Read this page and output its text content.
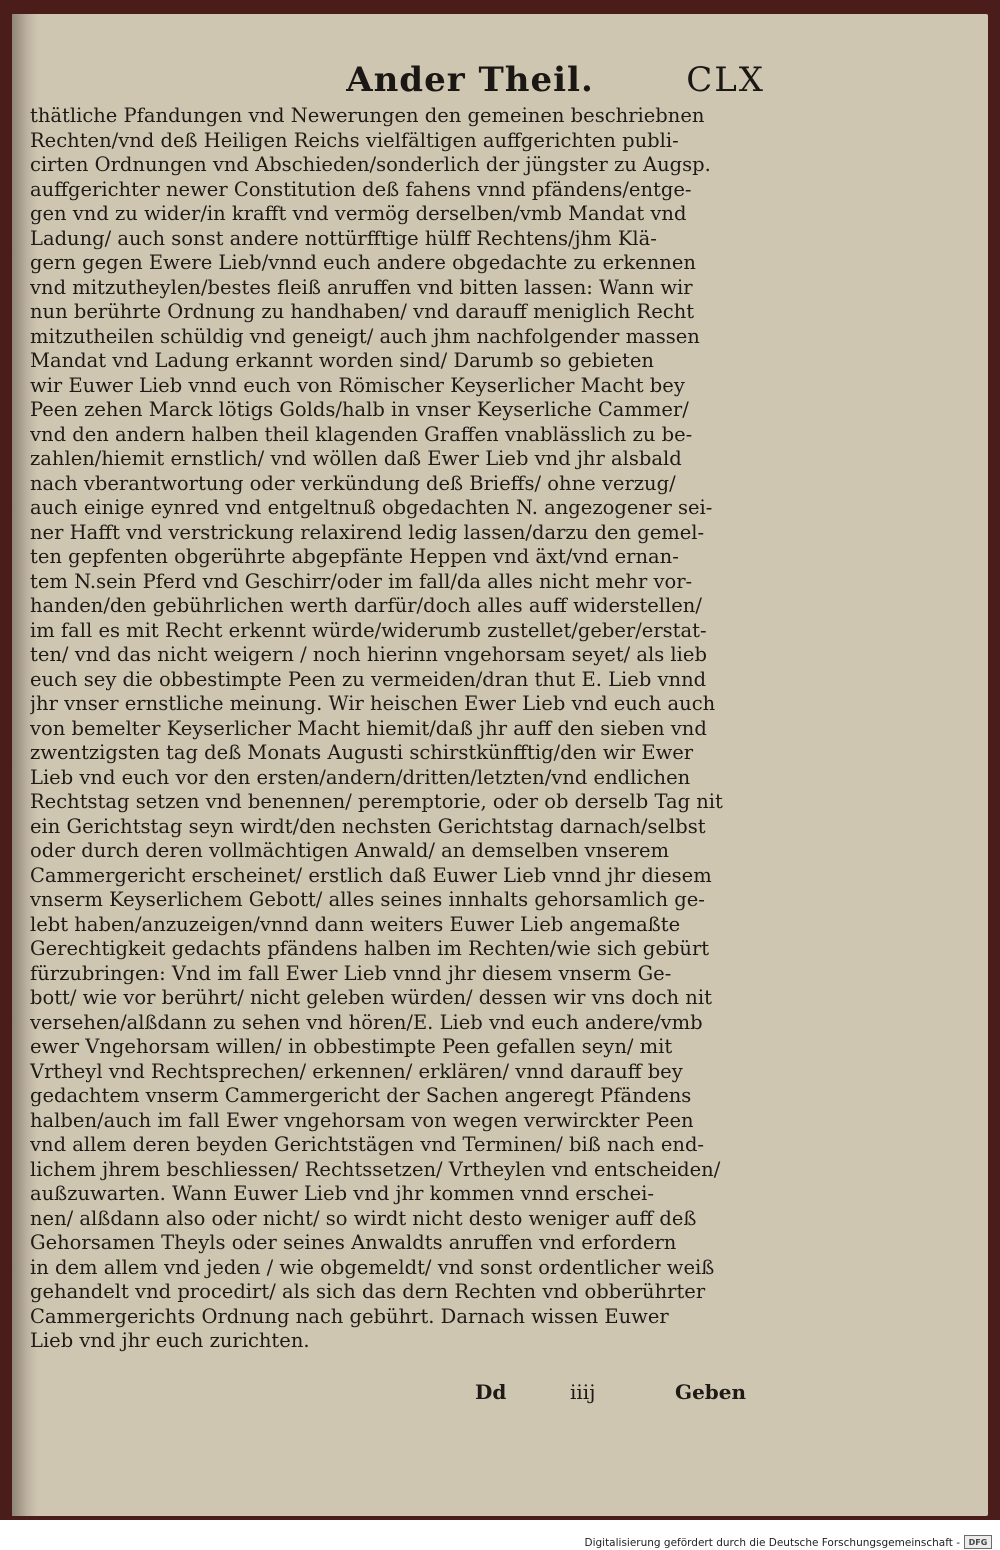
Ander Theil.	CLX
thätliche Pfandungen vnd Newerungen den gemeinen beschriebnen
Rechten/vnd deß Heiligen Reichs vielfältigen auffgerichten publi-
cirten Ordnungen vnd Abschieden/sonderlich der jüngster zu Augsp.
auffgerichter newer Constitution deß fahens vnnd pfändens/entge-
gen vnd zu wider/in krafft vnd vermög derselben/vmb Mandat vnd
Ladung/ auch sonst andere nottürfftige hülff Rechtens/jhm Klä-
gern gegen Ewere Lieb/vnnd euch andere obgedachte zu erkennen
vnd mitzutheylen/bestes fleiß anruffen vnd bitten lassen: Wann wir
nun berührte Ordnung zu handhaben/ vnd darauff meniglich Recht
mitzutheilen schüldig vnd geneigt/ auch jhm nachfolgender massen
Mandat vnd Ladung erkannt worden sind/ Darumb so gebieten
wir Euwer Lieb vnnd euch von Römischer Keyserlicher Macht bey
Peen zehen Marck lötigs Golds/halb in vnser Keyserliche Cammer/
vnd den andern halben theil klagenden Graffen vnablässlich zu be-
zahlen/hiemit ernstlich/ vnd wöllen daß Ewer Lieb vnd jhr alsbald
nach vberantwortung oder verkündung deß Brieffs/ ohne verzug/
auch einige eynred vnd entgeltnuß obgedachten N. angezogener sei-
ner Hafft vnd verstrickung relaxirend ledig lassen/darzu den gemel-
ten gepfenten obgerührte abgepfänte Heppen vnd äxt/vnd ernan-
tem N.sein Pferd vnd Geschirr/oder im fall/da alles nicht mehr vor-
handen/den gebührlichen werth darfür/doch alles auff widerstellen/
im fall es mit Recht erkennt würde/widerumb zustellet/geber/erstat-
ten/ vnd das nicht weigern / noch hierinn vngehorsam seyet/ als lieb
euch sey die obbestimpte Peen zu vermeiden/dran thut E. Lieb vnnd
jhr vnser ernstliche meinung. Wir heischen Ewer Lieb vnd euch auch
von bemelter Keyserlicher Macht hiemit/daß jhr auff den sieben vnd
zwentzigsten tag deß Monats Augusti schirstkünfftig/den wir Ewer
Lieb vnd euch vor den ersten/andern/dritten/letzten/vnd endlichen
Rechtstag setzen vnd benennen/ peremptorie, oder ob derselb Tag nit
ein Gerichtstag seyn wirdt/den nechsten Gerichtstag darnach/selbst
oder durch deren vollmächtigen Anwald/ an demselben vnserem
Cammergericht erscheinet/ erstlich daß Euwer Lieb vnnd jhr diesem
vnserm Keyserlichem Gebott/ alles seines innhalts gehorsamlich ge-
lebt haben/anzuzeigen/vnnd dann weiters Euwer Lieb angemaßte
Gerechtigkeit gedachts pfändens halben im Rechten/wie sich gebürt
fürzubringen: Vnd im fall Ewer Lieb vnnd jhr diesem vnserm Ge-
bott/ wie vor berührt/ nicht geleben würden/ dessen wir vns doch nit
versehen/alßdann zu sehen vnd hören/E. Lieb vnd euch andere/vmb
ewer Vngehorsam willen/ in obbestimpte Peen gefallen seyn/ mit
Vrtheyl vnd Rechtsprechen/ erkennen/ erklären/ vnnd darauff bey
gedachtem vnserm Cammergericht der Sachen angeregt Pfändens
halben/auch im fall Ewer vngehorsam von wegen verwirckter Peen
vnd allem deren beyden Gerichtstägen vnd Terminen/ biß nach end-
lichem jhrem beschliessen/ Rechtssetzen/ Vrtheylen vnd entscheiden/
außzuwarten. Wann Euwer Lieb vnd jhr kommen vnnd erschei-
nen/ alßdann also oder nicht/ so wirdt nicht desto weniger auff deß
Gehorsamen Theyls oder seines Anwaldts anruffen vnd erfordern
in dem allem vnd jeden / wie obgemeldt/ vnd sonst ordentlicher weiß
gehandelt vnd procedirt/ als sich das dern Rechten vnd obberührter
Cammergerichts Ordnung nach gebührt. Darnach wissen Euwer
Lieb vnd jhr euch zurichten.
Dd	iiij	Geben
Digitalisierung gefördert durch die Deutsche Forschungsgemeinschaft -	DFG
